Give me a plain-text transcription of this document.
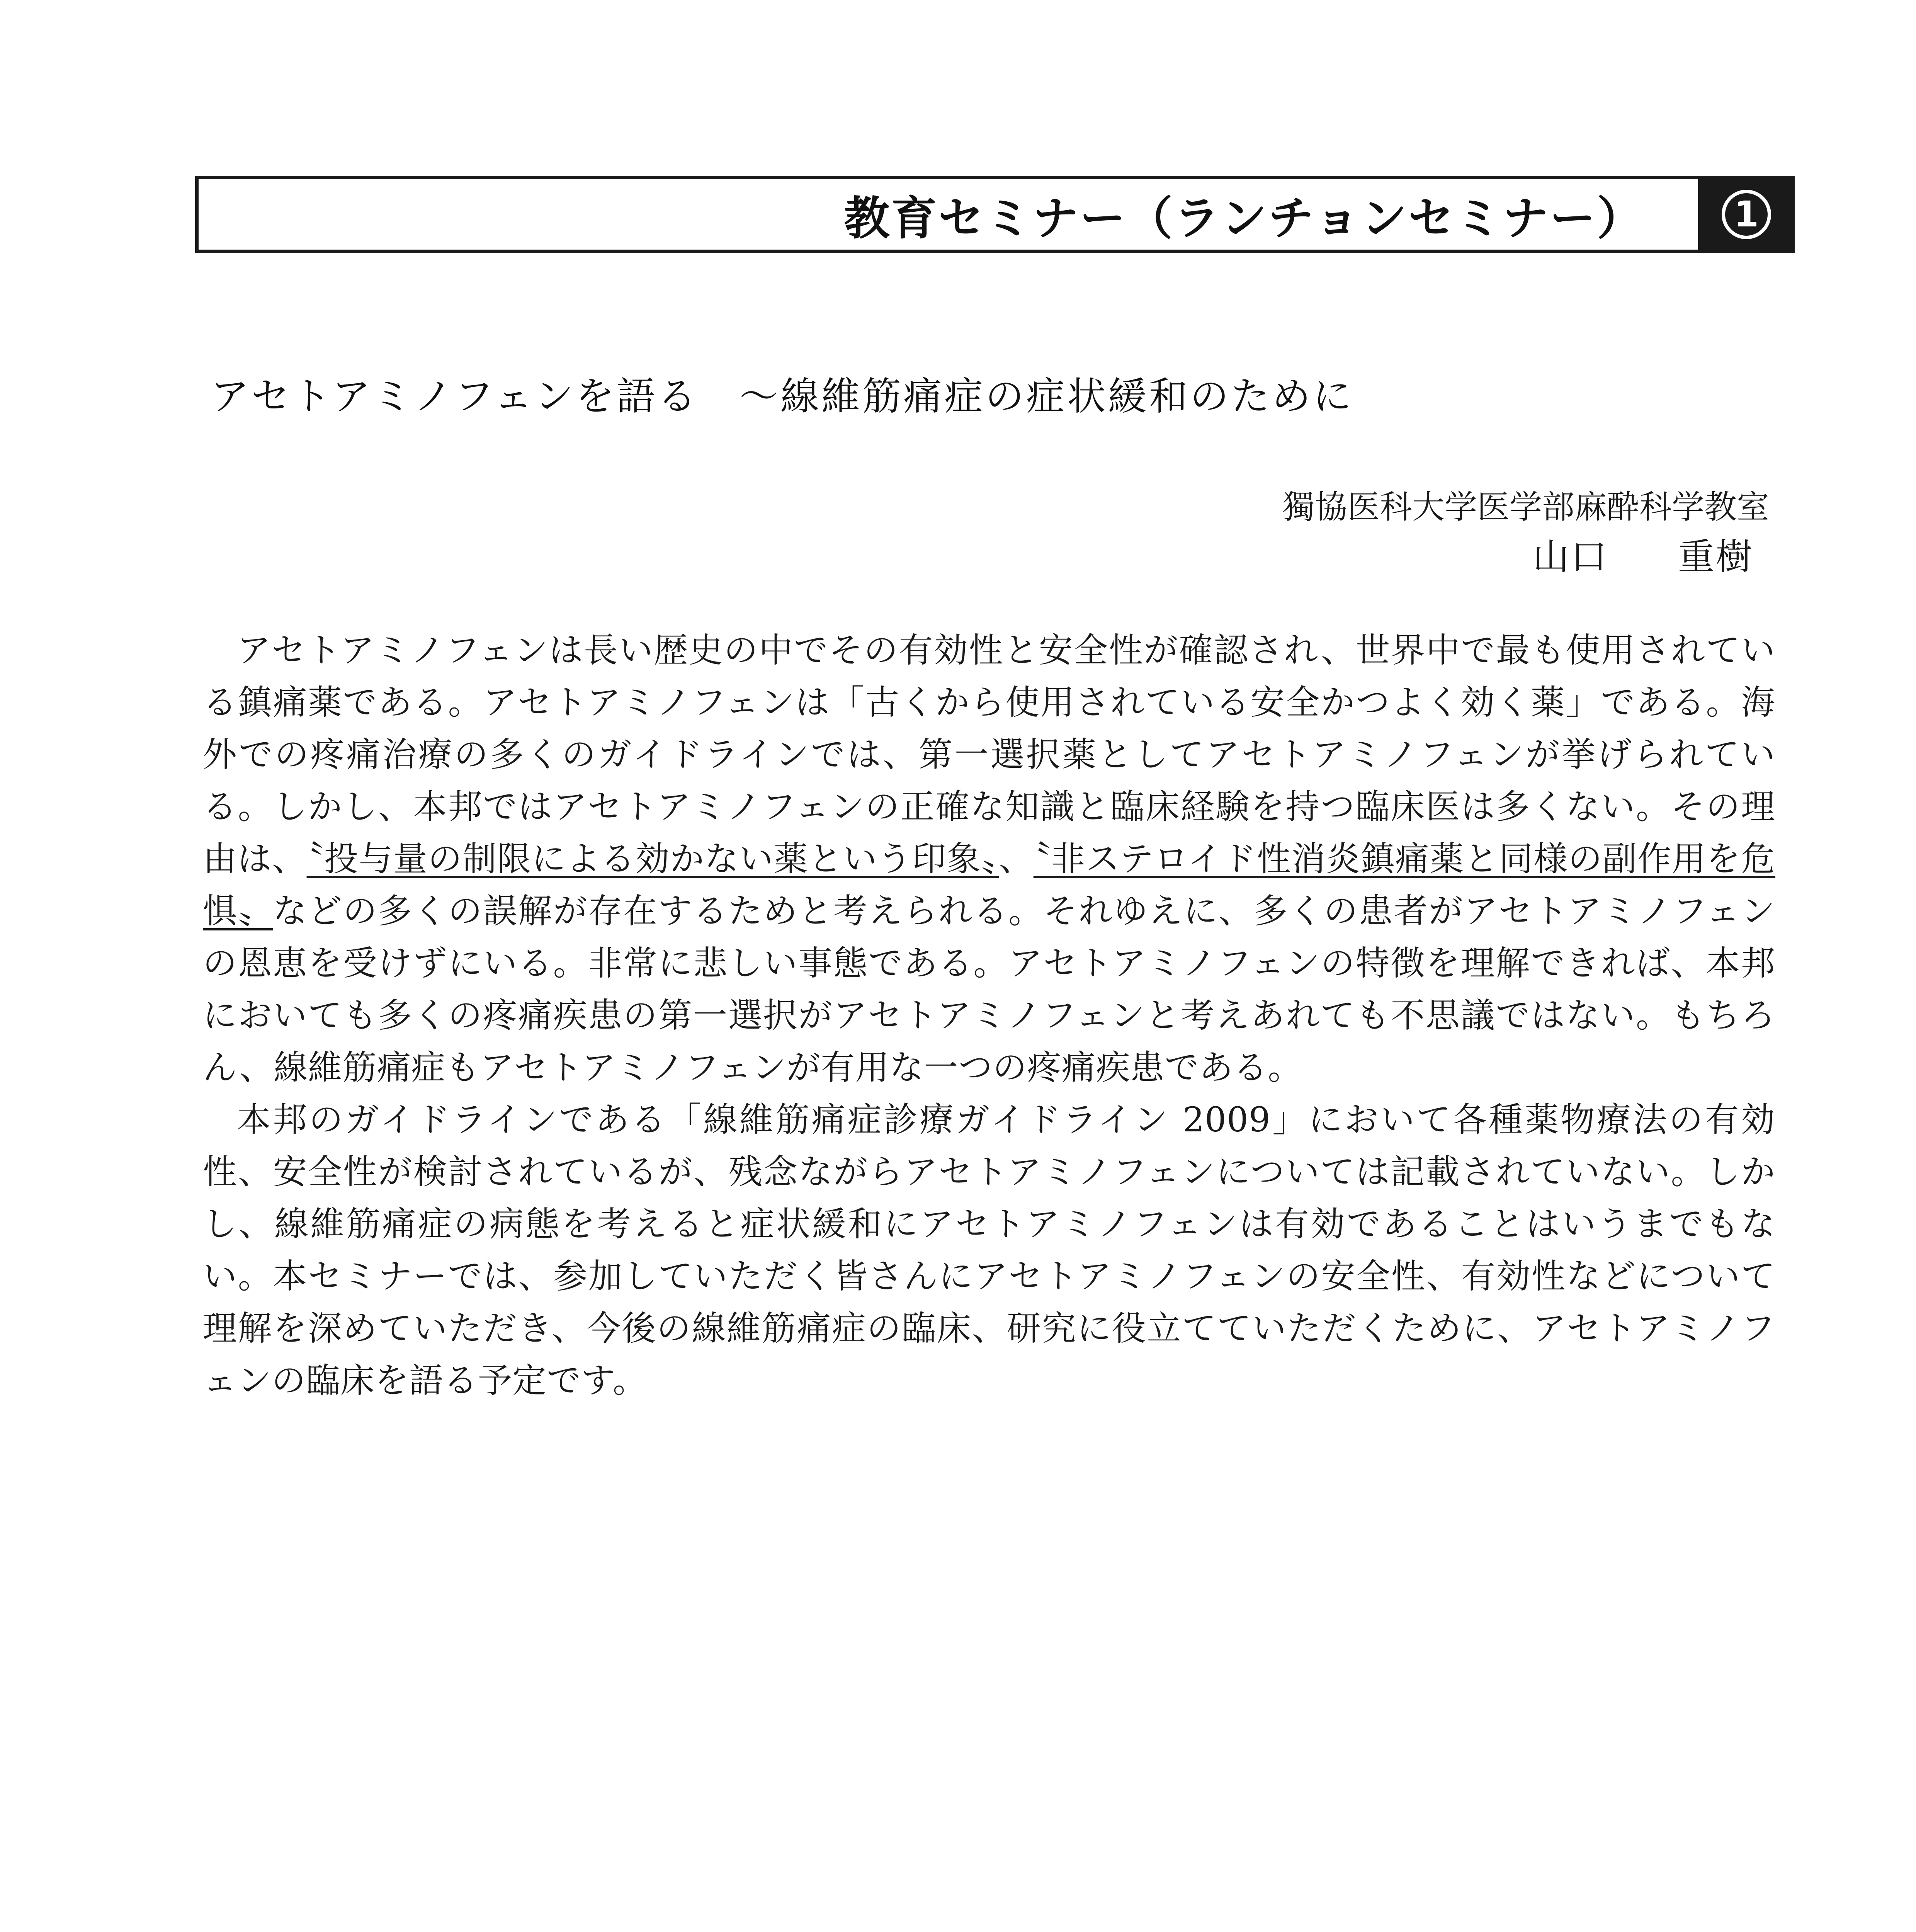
教育セミナー（ランチョンセミナー）	1
アセトアミノフェンを語る　～線維筋痛症の症状緩和のために
獨協医科大学医学部麻酔科学教室
山口 重樹

アセトアミノフェンは長い歴史の中でその有効性と安全性が確認され、世界中で最も使用されている鎮痛薬である。アセトアミノフェンは「古くから使用されている安全かつよく効く薬」である。海外での疼痛治療の多くのガイドラインでは、第一選択薬としてアセトアミノフェンが挙げられている。しかし、本邦ではアセトアミノフェンの正確な知識と臨床経験を持つ臨床医は多くない。その理由は、〝投与量の制限による効かない薬という印象〟、〝非ステロイド性消炎鎮痛薬と同様の副作用を危惧〟などの多くの誤解が存在するためと考えられる。それゆえに、多くの患者がアセトアミノフェンの恩恵を受けずにいる。非常に悲しい事態である。アセトアミノフェンの特徴を理解できれば、本邦においても多くの疼痛疾患の第一選択がアセトアミノフェンと考えあれても不思議ではない。もちろん、線維筋痛症もアセトアミノフェンが有用な一つの疼痛疾患である。

本邦のガイドラインである「線維筋痛症診療ガイドライン 2009」において各種薬物療法の有効性、安全性が検討されているが、残念ながらアセトアミノフェンについては記載されていない。しかし、線維筋痛症の病態を考えると症状緩和にアセトアミノフェンは有効であることはいうまでもない。本セミナーでは、参加していただく皆さんにアセトアミノフェンの安全性、有効性などについて理解を深めていただき、今後の線維筋痛症の臨床、研究に役立てていただくために、アセトアミノフェンの臨床を語る予定です。
